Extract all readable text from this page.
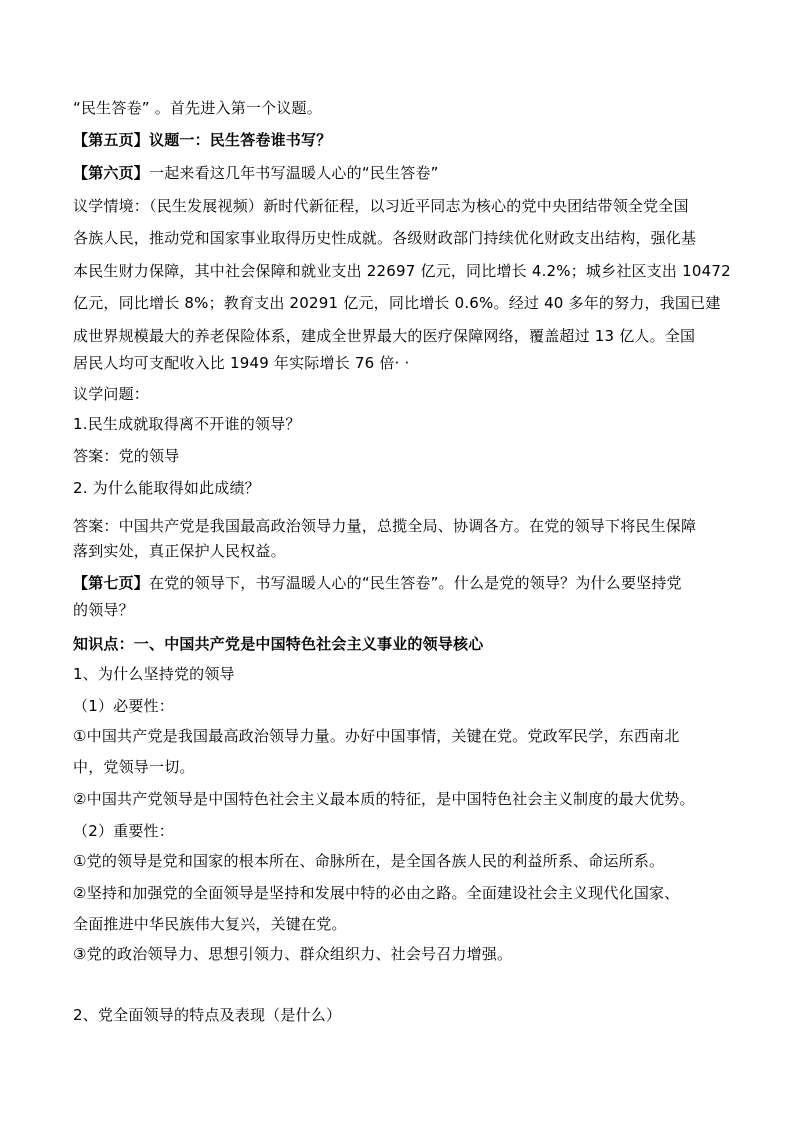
“民生答卷” 。首先进入第一个议题。
【第五页】议题一：民生答卷谁书写？
【第六页】一起来看这几年书写温暖人心的“民生答卷”
议学情境：（民生发展视频）新时代新征程，以习近平同志为核心的党中央团结带领全党全国
各族人民，推动党和国家事业取得历史性成就。各级财政部门持续优化财政支出结构，强化基
本民生财力保障，其中社会保障和就业支出 22697 亿元，同比增长 4.2%；城乡社区支出 10472
亿元，同比增长 8%；教育支出 20291 亿元，同比增长 0.6%。经过 40 多年的努力，我国已建
成世界规模最大的养老保险体系，建成全世界最大的医疗保障网络，覆盖超过 13 亿人。全国
居民人均可支配收入比 1949 年实际增长 76 倍· ·
议学问题：
1.民生成就取得离不开谁的领导？
答案：党的领导
2. 为什么能取得如此成绩？
答案：中国共产党是我国最高政治领导力量，总揽全局、协调各方。在党的领导下将民生保障
落到实处，真正保护人民权益。
【第七页】在党的领导下，书写温暖人心的“民生答卷”。什么是党的领导？为什么要坚持党
的领导？
知识点：一、中国共产党是中国特色社会主义事业的领导核心
1、为什么坚持党的领导
（1）必要性：
①中国共产党是我国最高政治领导力量。办好中国事情，关键在党。党政军民学，东西南北
中，党领导一切。
②中国共产党领导是中国特色社会主义最本质的特征，是中国特色社会主义制度的最大优势。
（2）重要性：
①党的领导是党和国家的根本所在、命脉所在，是全国各族人民的利益所系、命运所系。
②坚持和加强党的全面领导是坚持和发展中特的必由之路。全面建设社会主义现代化国家、
全面推进中华民族伟大复兴，关键在党。
③党的政治领导力、思想引领力、群众组织力、社会号召力增强。
2、党全面领导的特点及表现（是什么）
